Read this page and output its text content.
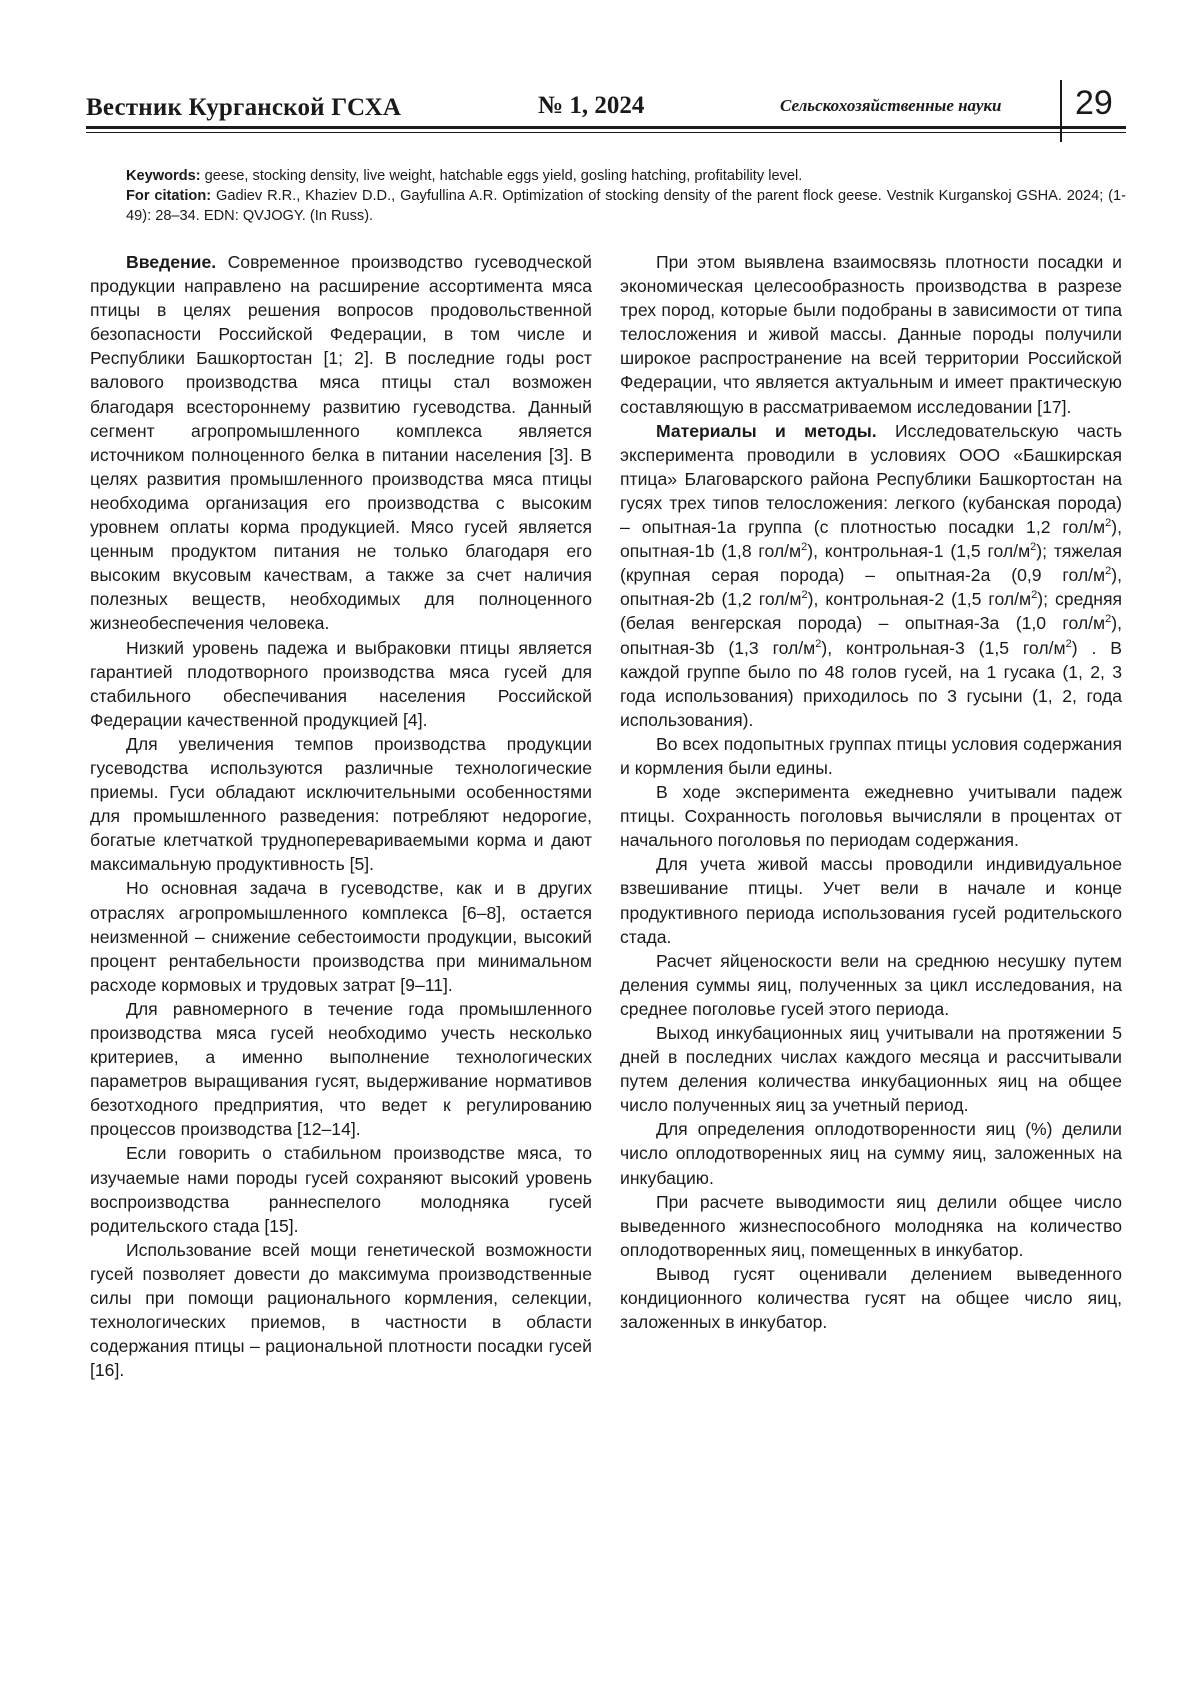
Вестник Курганской ГСХА	№ 1, 2024	Сельскохозяйственные науки 29
Keywords: geese, stocking density, live weight, hatchable eggs yield, gosling hatching, profitability level.
For citation: Gadiev R.R., Khaziev D.D., Gayfullina A.R. Optimization of stocking density of the parent flock geese. Vestnik Kurganskoj GSHA. 2024; (1-49): 28–34. EDN: QVJOGY. (In Russ).

Введение. Современное производство гусеводческой продукции направлено на расширение ассортимента мяса птицы в целях решения вопросов продовольственной безопасности Российской Федерации, в том числе и Республики Башкортостан [1; 2]. В последние годы рост валового производства мяса птицы стал возможен благодаря всестороннему развитию гусеводства. Данный сегмент агропромышленного комплекса является источником полноценного белка в питании населения [3]. В целях развития промышленного производства мяса птицы необходима организация его производства с высоким уровнем оплаты корма продукцией. Мясо гусей является ценным продуктом питания не только благодаря его высоким вкусовым качествам, а также за счет наличия полезных веществ, необходимых для полноценного жизнеобеспечения человека.

Низкий уровень падежа и выбраковки птицы является гарантией плодотворного производства мяса гусей для стабильного обеспечивания населения Российской Федерации качественной продукцией [4].

Для увеличения темпов производства продукции гусеводства используются различные технологические приемы. Гуси обладают исключительными особенностями для промышленного разведения: потребляют недорогие, богатые клетчаткой трудноперевариваемыми корма и дают максимальную продуктивность [5].

Но основная задача в гусеводстве, как и в других отраслях агропромышленного комплекса [6–8], остается неизменной – снижение себестоимости продукции, высокий процент рентабельности производства при минимальном расходе кормовых и трудовых затрат [9–11].

Для равномерного в течение года промышленного производства мяса гусей необходимо учесть несколько критериев, а именно выполнение технологических параметров выращивания гусят, выдерживание нормативов безотходного предприятия, что ведет к регулированию процессов производства [12–14].

Если говорить о стабильном производстве мяса, то изучаемые нами породы гусей сохраняют высокий уровень воспроизводства раннеспелого молодняка гусей родительского стада [15].

Использование всей мощи генетической возможности гусей позволяет довести до максимума производственные силы при помощи рационального кормления, селекции, технологических приемов, в частности в области содержания птицы – рациональной плотности посадки гусей [16].

При этом выявлена взаимосвязь плотности посадки и экономическая целесообразность производства в разрезе трех пород, которые были подобраны в зависимости от типа телосложения и живой массы. Данные породы получили широкое распространение на всей территории Российской Федерации, что является актуальным и имеет практическую составляющую в рассматриваемом исследовании [17].

Материалы и методы. Исследовательскую часть эксперимента проводили в условиях ООО «Башкирская птица» Благоварского района Республики Башкортостан на гусях трех типов телосложения: легкого (кубанская порода) – опытная-1а группа (с плотностью посадки 1,2 гол/$м^2$), опытная-1b (1,8 гол/$м^2$), контрольная-1 (1,5 гол/$м^2$); тяжелая (крупная серая порода) – опытная-2а (0,9 гол/$м^2$), опытная-2b (1,2 гол/$м^2$), контрольная-2 (1,5 гол/$м^2$); средняя (белая венгерская порода) – опытная-3а (1,0 гол/$м^2$), опытная-3b (1,3 гол/$м^2$), контрольная-3 (1,5 гол/$м^2$) . В каждой группе было по 48 голов гусей, на 1 гусака (1, 2, 3 года использования) приходилось по 3 гусыни (1, 2, года использования).

Во всех подопытных группах птицы условия содержания и кормления были едины.

В ходе эксперимента ежедневно учитывали падеж птицы. Сохранность поголовья вычисляли в процентах от начального поголовья по периодам содержания.

Для учета живой массы проводили индивидуальное взвешивание птицы. Учет вели в начале и конце продуктивного периода использования гусей родительского стада.

Расчет яйценоскости вели на среднюю несушку путем деления суммы яиц, полученных за цикл исследования, на среднее поголовье гусей этого периода.

Выход инкубационных яиц учитывали на протяжении 5 дней в последних числах каждого месяца и рассчитывали путем деления количества инкубационных яиц на общее число полученных яиц за учетный период.

Для определения оплодотворенности яиц (%) делили число оплодотворенных яиц на сумму яиц, заложенных на инкубацию.

При расчете выводимости яиц делили общее число выведенного жизнеспособного молодняка на количество оплодотворенных яиц, помещенных в инкубатор.

Вывод гусят оценивали делением выведенного кондиционного количества гусят на общее число яиц, заложенных в инкубатор.
